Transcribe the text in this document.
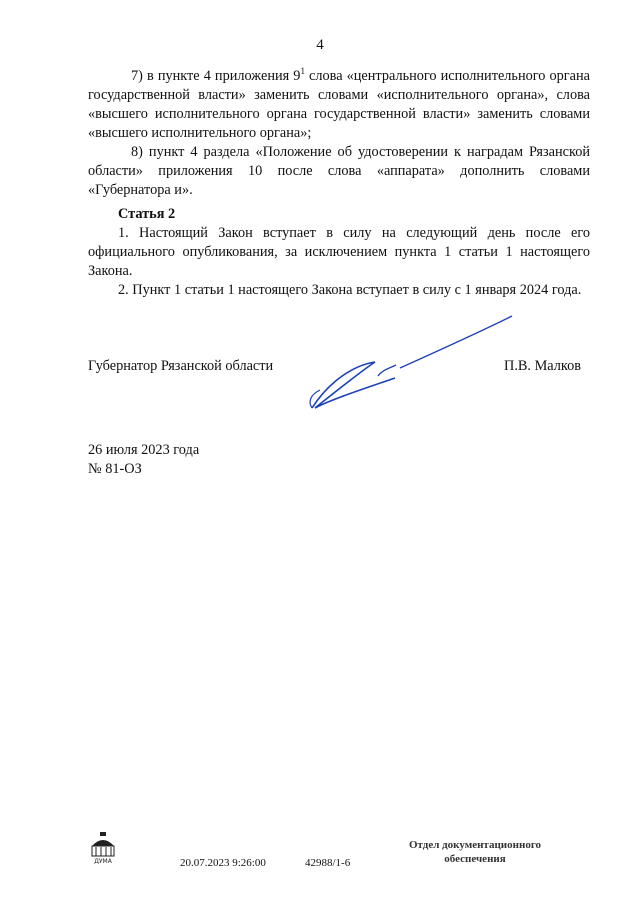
4

7) в пункте 4 приложения $9^1$ слова «центрального исполнительного органа государственной власти» заменить словами «исполнительного органа», слова «высшего исполнительного органа государственной власти» заменить словами «высшего исполнительного органа»;

8) пункт 4 раздела «Положение об удостоверении к наградам Рязанской области» приложения 10 после слова «аппарата» дополнить словами «Губернатора и».

Статья 2

1. Настоящий Закон вступает в силу на следующий день после его официального опубликования, за исключением пункта 1 статьи 1 настоящего Закона.

2. Пункт 1 статьи 1 настоящего Закона вступает в силу с 1 января 2024 года.

Губернатор Рязанской области	П.В. Малков
26 июля 2023 года
№ 81-ОЗ
ДУМА	20.07.2023 9:26:00	42988/1-6
Отдел документационного
обеспечения
